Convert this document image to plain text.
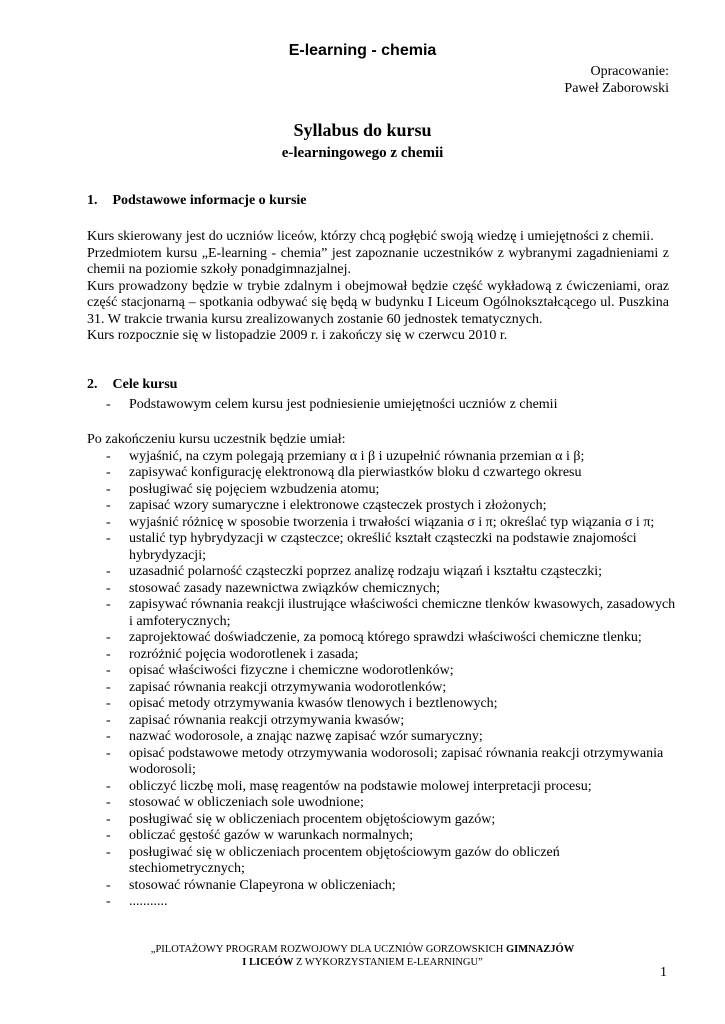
E-learning - chemia
Opracowanie:
Paweł Zaborowski
Syllabus do kursu
e-learningowego z chemii
1. Podstawowe informacje o kursie

Kurs skierowany jest do uczniów liceów, którzy chcą pogłębić swoją wiedzę i umiejętności z chemii.

Przedmiotem kursu „E-learning - chemia” jest zapoznanie uczestników z wybranymi zagadnieniami z chemii na poziomie szkoły ponadgimnazjalnej.

Kurs prowadzony będzie w trybie zdalnym i obejmował będzie część wykładową z ćwiczeniami, oraz część stacjonarną – spotkania odbywać się będą w budynku I Liceum Ogólnokształcącego ul. Puszkina 31. W trakcie trwania kursu zrealizowanych zostanie 60 jednostek tematycznych.

Kurs rozpocznie się w listopadzie 2009 r. i zakończy się w czerwcu 2010 r.

2. Cele kursu
- Podstawowym celem kursu jest podniesienie umiejętności uczniów z chemii

Po zakończeniu kursu uczestnik będzie umiał:

- wyjaśnić, na czym polegają przemiany α i β i uzupełnić równania przemian α i β;
- zapisywać konfigurację elektronową dla pierwiastków bloku d czwartego okresu
- posługiwać się pojęciem wzbudzenia atomu;
- zapisać wzory sumaryczne i elektronowe cząsteczek prostych i złożonych;
- wyjaśnić różnicę w sposobie tworzenia i trwałości wiązania σ i π; określać typ wiązania σ i π;
- ustalić typ hybrydyzacji w cząsteczce; określić kształt cząsteczki na podstawie znajomości hybrydyzacji;
- uzasadnić polarność cząsteczki poprzez analizę rodzaju wiązań i kształtu cząsteczki;
- stosować zasady nazewnictwa związków chemicznych;
- zapisywać równania reakcji ilustrujące właściwości chemiczne tlenków kwasowych, zasadowych i amfoterycznych;
- zaprojektować doświadczenie, za pomocą którego sprawdzi właściwości chemiczne tlenku;
- rozróżnić pojęcia wodorotlenek i zasada;
- opisać właściwości fizyczne i chemiczne wodorotlenków;
- zapisać równania reakcji otrzymywania wodorotlenków;
- opisać metody otrzymywania kwasów tlenowych i beztlenowych;
- zapisać równania reakcji otrzymywania kwasów;
- nazwać wodorosole, a znając nazwę zapisać wzór sumaryczny;
- opisać podstawowe metody otrzymywania wodorosoli; zapisać równania reakcji otrzymywania wodorosoli;
- obliczyć liczbę moli, masę reagentów na podstawie molowej interpretacji procesu;
- stosować w obliczeniach sole uwodnione;
- posługiwać się w obliczeniach procentem objętościowym gazów;
- obliczać gęstość gazów w warunkach normalnych;
- posługiwać się w obliczeniach procentem objętościowym gazów do obliczeń stechiometrycznych;
- stosować równanie Clapeyrona w obliczeniach;
- ...........
„PILOTAŻOWY PROGRAM ROZWOJOWY DLA UCZNIÓW GORZOWSKICH GIMNAZJÓW
I LICEÓW Z WYKORZYSTANIEM E-LEARNINGU”
1
